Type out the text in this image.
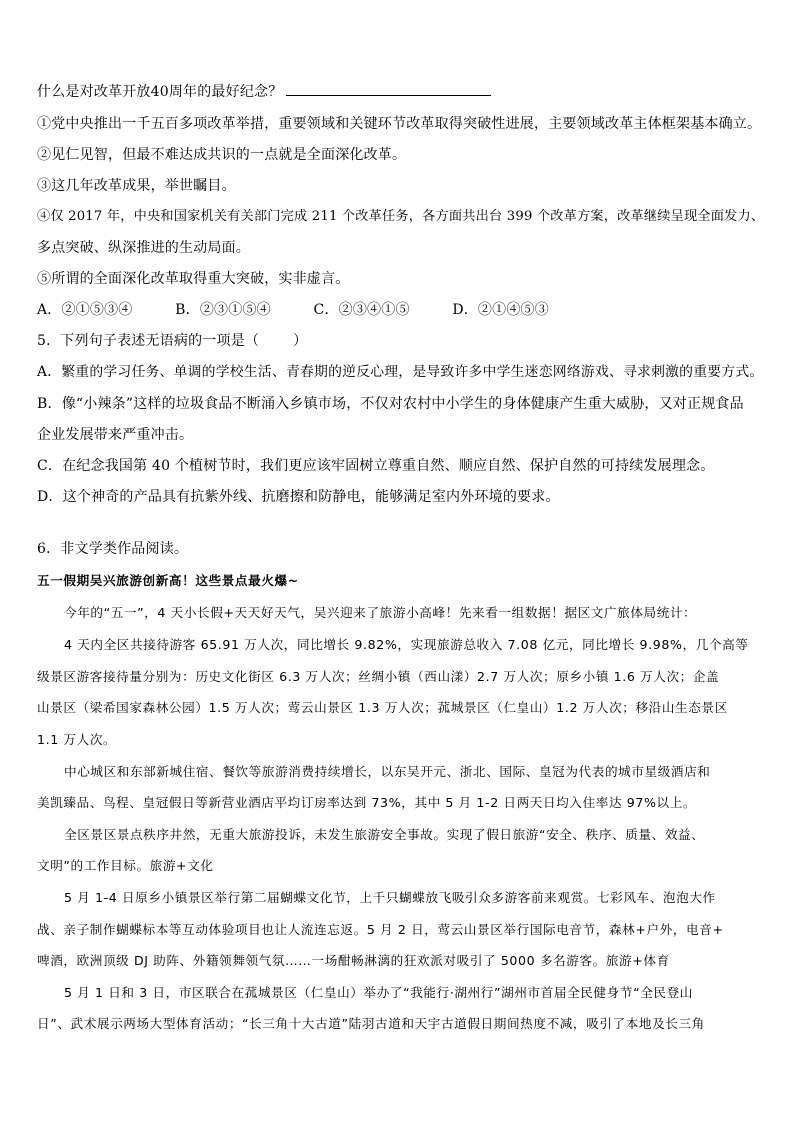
什么是对改革开放40周年的最好纪念？
①党中央推出一千五百多项改革举措，重要领域和关键环节改革取得突破性进展，主要领域改革主体框架基本确立。
②见仁见智，但最不难达成共识的一点就是全面深化改革。
③这几年改革成果，举世瞩目。
④仅 2017 年，中央和国家机关有关部门完成 211 个改革任务，各方面共出台 399 个改革方案，改革继续呈现全面发力、
多点突破、纵深推进的生动局面。
⑤所谓的全面深化改革取得重大突破，实非虚言。
A．②①⑤③④	B．②③①⑤④	C．②③④①⑤	D．②①④⑤③
5．下列句子表述无语病的一项是（ ）
A．繁重的学习任务、单调的学校生活、青春期的逆反心理，是导致许多中学生迷恋网络游戏、寻求刺激的重要方式。
B．像“小辣条”这样的垃圾食品不断涌入乡镇市场，不仅对农村中小学生的身体健康产生重大威胁，又对正规食品
企业发展带来严重冲击。
C．在纪念我国第 40 个植树节时，我们更应该牢固树立尊重自然、顺应自然、保护自然的可持续发展理念。
D．这个神奇的产品具有抗紫外线、抗磨擦和防静电，能够满足室内外环境的要求。
6．非文学类作品阅读。
五一假期吴兴旅游创新高！这些景点最火爆~
今年的“五一”，4 天小长假+天天好天气，吴兴迎来了旅游小高峰！先来看一组数据！据区文广旅体局统计：
4 天内全区共接待游客 65.91 万人次，同比增长 9.82%，实现旅游总收入 7.08 亿元，同比增长 9.98%，几个高等
级景区游客接待量分别为：历史文化街区 6.3 万人次；丝绸小镇（西山漾）2.7 万人次；原乡小镇 1.6 万人次；企盖
山景区（梁希国家森林公园）1.5 万人次；莺云山景区 1.3 万人次；菰城景区（仁皇山）1.2 万人次；移沿山生态景区
1.1 万人次。
中心城区和东部新城住宿、餐饮等旅游消费持续增长，以东吴开元、浙北、国际、皇冠为代表的城市星级酒店和
美凯臻品、鸟程、皇冠假日等新营业酒店平均订房率达到 73%，其中 5 月 1-2 日两天日均入住率达 97%以上。
全区景区景点秩序井然，无重大旅游投诉，未发生旅游安全事故。实现了假日旅游“安全、秩序、质量、效益、
文明”的工作目标。旅游+文化
5 月 1-4 日原乡小镇景区举行第二届蝴蝶文化节，上千只蝴蝶放飞吸引众多游客前来观赏。七彩风车、泡泡大作
战、亲子制作蝴蝶标本等互动体验项目也让人流连忘返。5 月 2 日，莺云山景区举行国际电音节，森林+户外，电音+
啤酒，欧洲顶级 DJ 助阵、外籍领舞领气氛……一场酣畅淋漓的狂欢派对吸引了 5000 多名游客。旅游+体育
5 月 1 日和 3 日，市区联合在菰城景区（仁皇山）举办了“我能行·湖州行”湖州市首届全民健身节“全民登山
日”、武术展示两场大型体育活动；“长三角十大古道”陆羽古道和天宇古道假日期间热度不减，吸引了本地及长三角
